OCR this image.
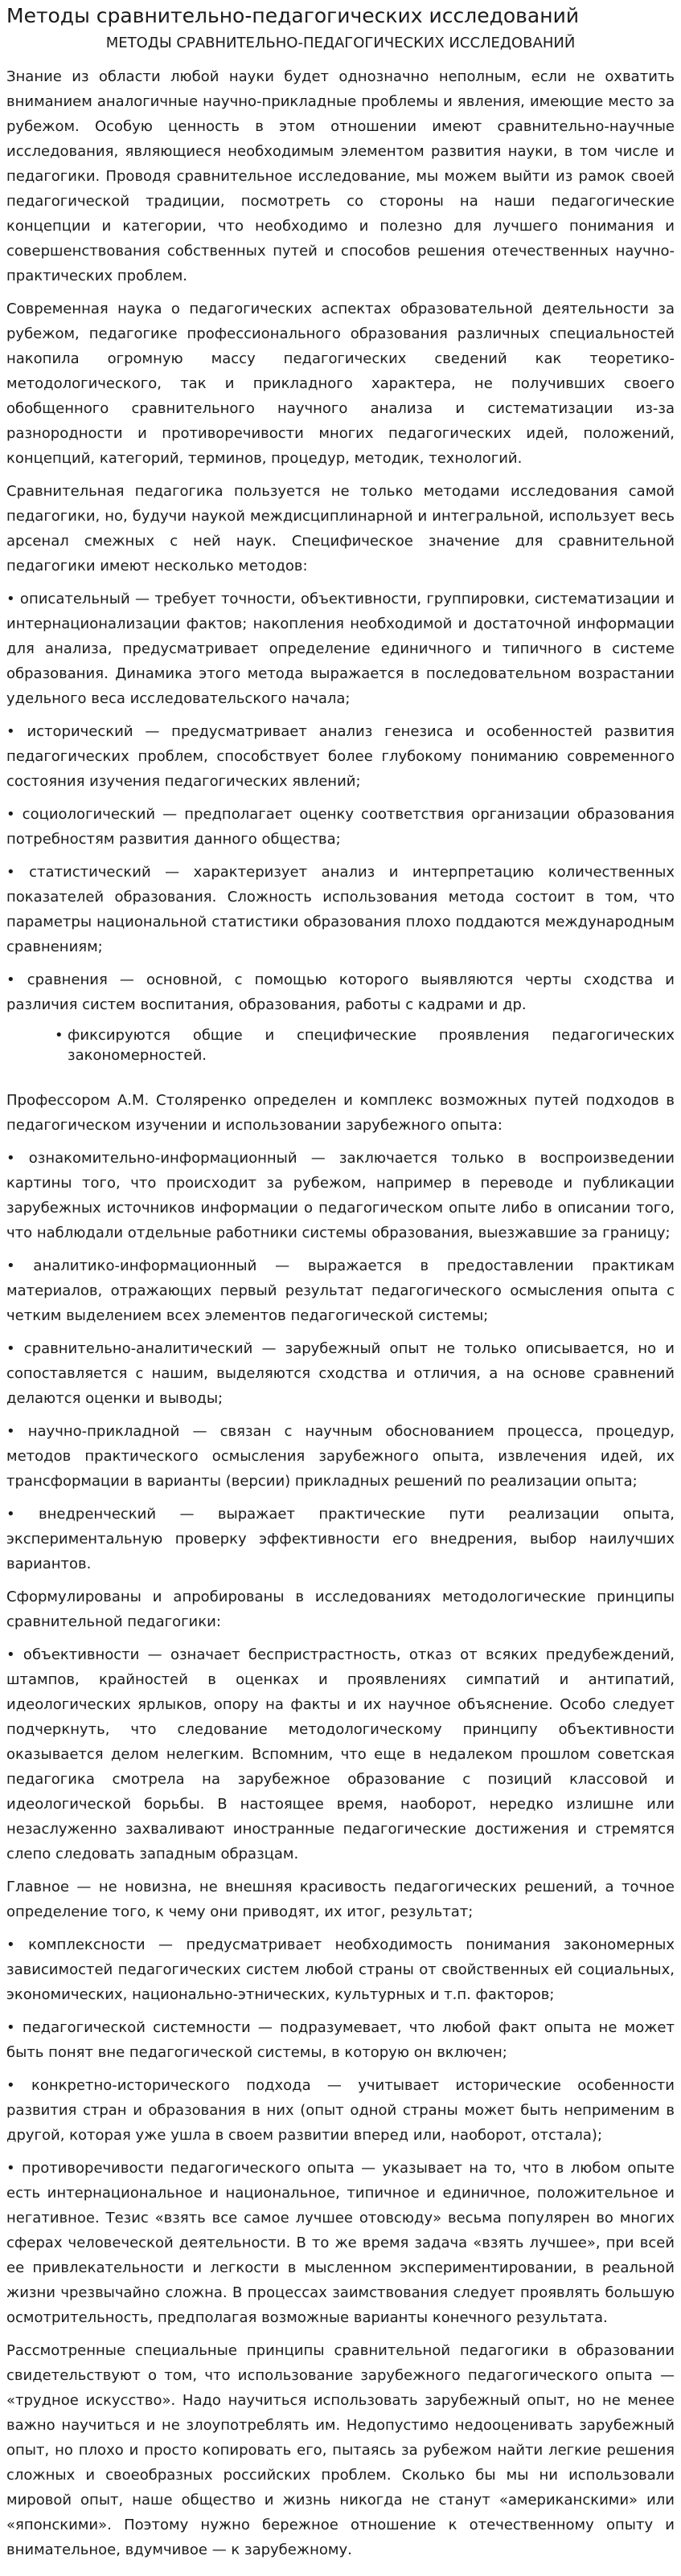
Методы сравнительно-педагогических исследований
МЕТОДЫ СРАВНИТЕЛЬНО-ПЕДАГОГИЧЕСКИХ ИССЛЕДОВАНИЙ

Знание из области любой науки будет однозначно неполным, если не охватить вниманием аналогичные научно-прикладные проблемы и явления, имеющие место за рубежом. Особую ценность в этом отношении имеют сравнительно-научные исследования, являющиеся необходимым элементом развития науки, в том числе и педагогики. Проводя сравнительное исследование, мы можем выйти из рамок своей педагогической традиции, посмотреть со стороны на наши педагогические концепции и категории, что необходимо и полезно для лучшего понимания и совершенствования собственных путей и способов решения отечественных научно-практических проблем.

Современная наука о педагогических аспектах образовательной деятельности за рубежом, педагогике профессионального образования различных специальностей накопила огромную массу педагогических сведений как теоретико-методологического, так и прикладного характера, не получивших своего обобщенного сравнительного научного анализа и систематизации из-за разнородности и противоречивости многих педагогических идей, положений, концепций, категорий, терминов, процедур, методик, технологий.

Сравнительная педагогика пользуется не только методами исследования самой педагогики, но, будучи наукой междисциплинарной и интегральной, использует весь арсенал смежных с ней наук. Специфическое значение для сравнительной педагогики имеют несколько методов:

• описательный — требует точности, объективности, группировки, систематизации и интернационализации фактов; накопления необходимой и достаточной информации для анализа, предусматривает определение единичного и типичного в системе образования. Динамика этого метода выражается в последовательном возрастании удельного веса исследовательского начала;

• исторический — предусматривает анализ генезиса и особенностей развития педагогических проблем, способствует более глубокому пониманию современного состояния изучения педагогических явлений;

• социологический — предполагает оценку соответствия организации образования потребностям развития данного общества;

• статистический — характеризует анализ и интерпретацию количественных показателей образования. Сложность использования метода состоит в том, что параметры национальной статистики образования плохо поддаются международным сравнениям;

• сравнения — основной, с помощью которого выявляются черты сходства и различия систем воспитания, образования, работы с кадрами и др.

• фиксируются общие и специфические проявления педагогических закономерностей.

Профессором А.М. Столяренко определен и комплекс возможных путей подходов в педагогическом изучении и использовании зарубежного опыта:

• ознакомительно-информационный — заключается только в воспроизведении картины того, что происходит за рубежом, например в переводе и публикации зарубежных источников информации о педагогическом опыте либо в описании того, что наблюдали отдельные работники системы образования, выезжавшие за границу;

• аналитико-информационный — выражается в предоставлении практикам материалов, отражающих первый результат педагогического осмысления опыта с четким выделением всех элементов педагогической системы;

• сравнительно-аналитический — зарубежный опыт не только описывается, но и сопоставляется с нашим, выделяются сходства и отличия, а на основе сравнений делаются оценки и выводы;

• научно-прикладной — связан с научным обоснованием процесса, процедур, методов практического осмысления зарубежного опыта, извлечения идей, их трансформации в варианты (версии) прикладных решений по реализации опыта;

• внедренческий — выражает практические пути реализации опыта, экспериментальную проверку эффективности его внедрения, выбор наилучших вариантов.

Сформулированы и апробированы в исследованиях методологические принципы сравнительной педагогики:

• объективности — означает беспристрастность, отказ от всяких предубеждений, штампов, крайностей в оценках и проявлениях симпатий и антипатий, идеологических ярлыков, опору на факты и их научное объяснение. Особо следует подчеркнуть, что следование методологическому принципу объективности оказывается делом нелегким. Вспомним, что еще в недалеком прошлом советская педагогика смотрела на зарубежное образование с позиций классовой и идеологической борьбы. В настоящее время, наоборот, нередко излишне или незаслуженно захваливают иностранные педагогические достижения и стремятся слепо следовать западным образцам.

Главное — не новизна, не внешняя красивость педагогических решений, а точное определение того, к чему они приводят, их итог, результат;

• комплексности — предусматривает необходимость понимания закономерных зависимостей педагогических систем любой страны от свойственных ей социальных, экономических, национально-этнических, культурных и т.п. факторов;

• педагогической системности — подразумевает, что любой факт опыта не может быть понят вне педагогической системы, в которую он включен;

• конкретно-исторического подхода — учитывает исторические особенности развития стран и образования в них (опыт одной страны может быть неприменим в другой, которая уже ушла в своем развитии вперед или, наоборот, отстала);

• противоречивости педагогического опыта — указывает на то, что в любом опыте есть интернациональное и национальное, типичное и единичное, положительное и негативное. Тезис «взять все самое лучшее отовсюду» весьма популярен во многих сферах человеческой деятельности. В то же время задача «взять лучшее», при всей ее привлекательности и легкости в мысленном экспериментировании, в реальной жизни чрезвычайно сложна. В процессах заимствования следует проявлять большую осмотрительность, предполагая возможные варианты конечного результата.

Рассмотренные специальные принципы сравнительной педагогики в образовании свидетельствуют о том, что использование зарубежного педагогического опыта — «трудное искусство». Надо научиться использовать зарубежный опыт, но не менее важно научиться и не злоупотреблять им. Недопустимо недооценивать зарубежный опыт, но плохо и просто копировать его, пытаясь за рубежом найти легкие решения сложных и своеобразных российских проблем. Сколько бы мы ни использовали мировой опыт, наше общество и жизнь никогда не станут «американскими» или «японскими». Поэтому нужно бережное отношение к отечественному опыту и внимательное, вдумчивое — к зарубежному.
